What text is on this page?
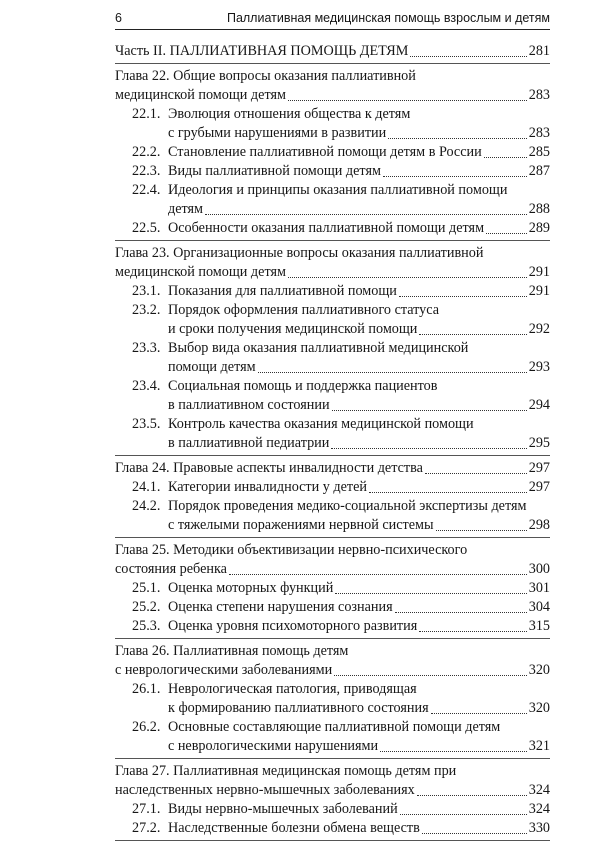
6	Паллиативная медицинская помощь взрослым и детям
Часть II. ПАЛЛИАТИВНАЯ ПОМОЩЬ ДЕТЯМ	281
Глава 22. Общие вопросы оказания паллиативной
медицинской помощи детям	283
22.1. Эволюция отношения общества к детям
с грубыми нарушениями в развитии	283
22.2. Становление паллиативной помощи детям в России	285
22.3. Виды паллиативной помощи детям	287
22.4. Идеология и принципы оказания паллиативной помощи
детям	288
22.5. Особенности оказания паллиативной помощи детям	289
Глава 23. Организационные вопросы оказания паллиативной
медицинской помощи детям	291
23.1. Показания для паллиативной помощи	291
23.2. Порядок оформления паллиативного статуса
и сроки получения медицинской помощи	292
23.3. Выбор вида оказания паллиативной медицинской
помощи детям	293
23.4. Социальная помощь и поддержка пациентов
в паллиативном состоянии	294
23.5. Контроль качества оказания медицинской помощи
в паллиативной педиатрии	295
Глава 24. Правовые аспекты инвалидности детства	297
24.1. Категории инвалидности у детей	297
24.2. Порядок проведения медико-социальной экспертизы детям
с тяжелыми поражениями нервной системы	298
Глава 25. Методики объективизации нервно-психического
состояния ребенка	300
25.1. Оценка моторных функций	301
25.2. Оценка степени нарушения сознания	304
25.3. Оценка уровня психомоторного развития	315
Глава 26. Паллиативная помощь детям
с неврологическими заболеваниями	320
26.1. Неврологическая патология, приводящая
к формированию паллиативного состояния	320
26.2. Основные составляющие паллиативной помощи детям
с неврологическими нарушениями	321
Глава 27. Паллиативная медицинская помощь детям при
наследственных нервно-мышечных заболеваниях	324
27.1. Виды нервно-мышечных заболеваний	324
27.2. Наследственные болезни обмена веществ	330
